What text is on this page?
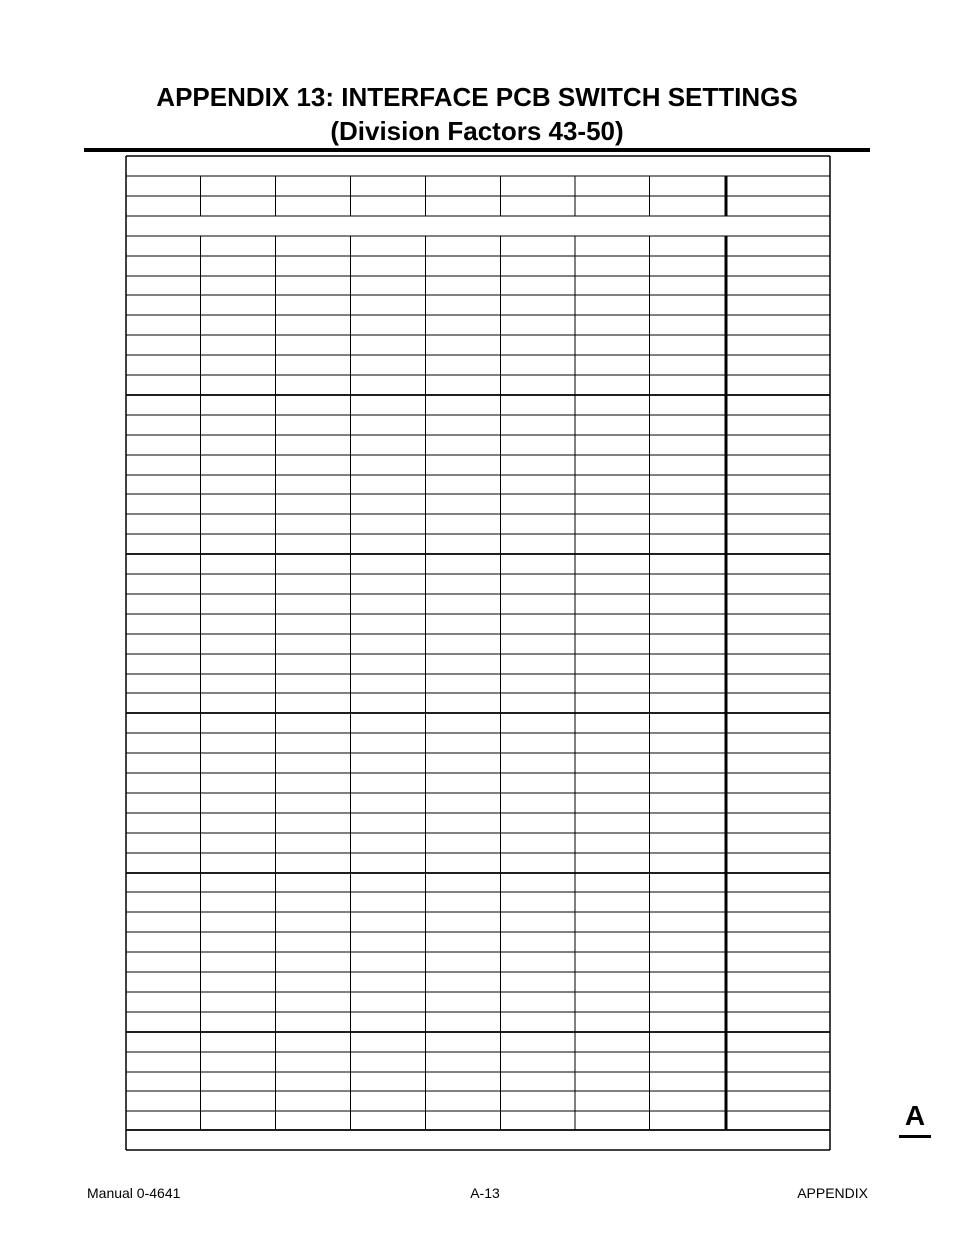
APPENDIX 13: INTERFACE PCB SWITCH SETTINGS
(Division Factors 43-50)
A
Manual 0-4641	A-13	APPENDIX
